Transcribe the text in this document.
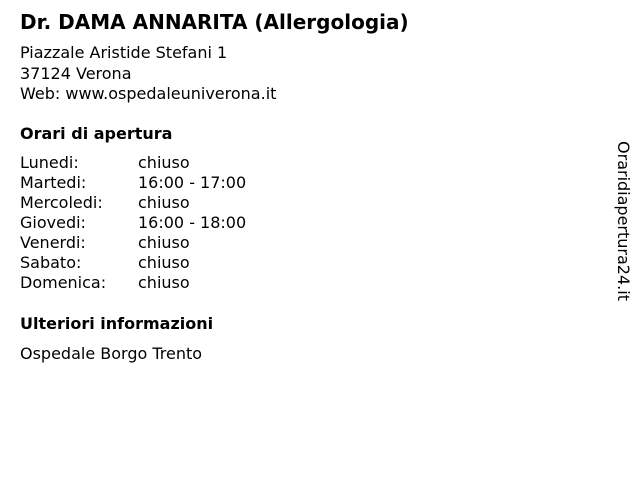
Dr. DAMA ANNARITA (Allergologia)
Piazzale Aristide Stefani 1
37124 Verona
Web: www.ospedaleuniverona.it
Orari di apertura
Lunedi:	chiuso
Martedi:	16:00 - 17:00
Mercoledi:	chiuso
Giovedi:	16:00 - 18:00
Venerdi:	chiuso
Sabato:	chiuso
Domenica:	chiuso
Ulteriori informazioni
Ospedale Borgo Trento
Oraridiapertura24.it
